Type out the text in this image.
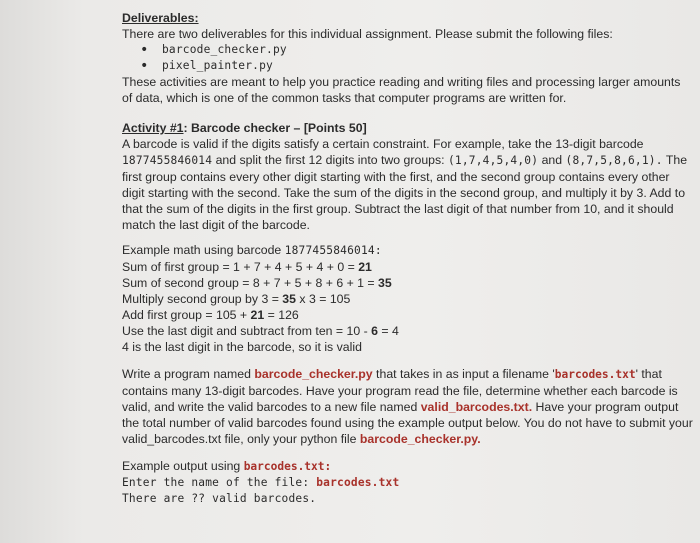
Deliverables:
There are two deliverables for this individual assignment. Please submit the following files:
• barcode_checker.py
• pixel_painter.py
These activities are meant to help you practice reading and writing files and processing larger amounts of data, which is one of the common tasks that computer programs are written for.
Activity #1: Barcode checker – [Points 50]
A barcode is valid if the digits satisfy a certain constraint. For example, take the 13-digit barcode
1877455846014 and split the first 12 digits into two groups: (1,7,4,5,4,0) and (8,7,5,8,6,1). The first group contains every other digit starting with the first, and the second group contains every other digit starting with the second. Take the sum of the digits in the second group, and multiply it by 3. Add to that the sum of the digits in the first group. Subtract the last digit of that number from 10, and it should match the last digit of the barcode.
Example math using barcode 1877455846014:
Sum of first group = 1 + 7 + 4 + 5 + 4 + 0 = 21
Sum of second group = 8 + 7 + 5 + 8 + 6 + 1 = 35
Multiply second group by 3 = 35 x 3 = 105
Add first group = 105 + 21 = 126
Use the last digit and subtract from ten = 10 - 6 = 4
4 is the last digit in the barcode, so it is valid
Write a program named barcode_checker.py that takes in as input a filename 'barcodes.txt' that contains many 13-digit barcodes. Have your program read the file, determine whether each barcode is valid, and write the valid barcodes to a new file named valid_barcodes.txt. Have your program output the total number of valid barcodes found using the example output below. You do not have to submit your valid_barcodes.txt file, only your python file barcode_checker.py.
Example output using barcodes.txt:
Enter the name of the file: barcodes.txt
There are ?? valid barcodes.
